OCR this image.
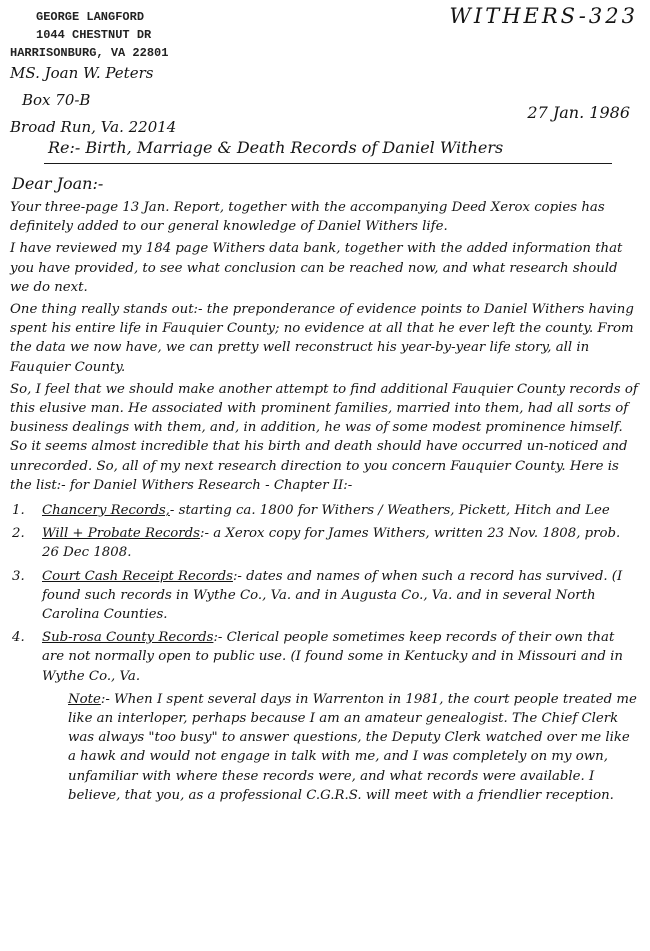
GEORGE LANGFORD
1044 CHESTNUT DR
HARRISONBURG, VA 22801
WITHERS-323
MS. Joan W. Peters
Box 70-B
Broad Run, Va. 22014
27 Jan. 1986
Re:- Birth, Marriage & Death Records of Daniel Withers
Dear Joan:-

Your three-page 13 Jan. Report, together with the accompanying Deed Xerox copies has definitely added to our general knowledge of Daniel Withers life.

I have reviewed my 184 page Withers data bank, together with the added information that you have provided, to see what conclusion can be reached now, and what research should we do next.

One thing really stands out:- the preponderance of evidence points to Daniel Withers having spent his entire life in Fauquier County; no evidence at all that he ever left the county. From the data we now have, we can pretty well reconstruct his year-by-year life story, all in Fauquier County.

So, I feel that we should make another attempt to find additional Fauquier County records of this elusive man. He associated with prominent families, married into them, had all sorts of business dealings with them, and, in addition, he was of some modest prominence himself. So it seems almost incredible that his birth and death should have occurred un-noticed and unrecorded. So, all of my next research direction to you concern Fauquier County. Here is the list:- for Daniel Withers Research - Chapter II:-

1.	Chancery Records,- starting ca. 1800 for Withers / Weathers, Pickett, Hitch and Lee
2.	Will + Probate Records:- a Xerox copy for James Withers, written 23 Nov. 1808, prob. 26 Dec 1808.
3.	Court Cash Receipt Records:- dates and names of when such a record has survived. (I found such records in Wythe Co., Va. and in Augusta Co., Va. and in several North Carolina Counties.
4.	Sub-rosa County Records:- Clerical people sometimes keep records of their own that are not normally open to public use. (I found some in Kentucky and in Missouri and in Wythe Co., Va.
Note:- When I spent several days in Warrenton in 1981, the court people treated me like an interloper, perhaps because I am an amateur genealogist. The Chief Clerk was always "too busy" to answer questions, the Deputy Clerk watched over me like a hawk and would not engage in talk with me, and I was completely on my own, unfamiliar with where these records were, and what records were available. I believe, that you, as a professional C.G.R.S. will meet with a friendlier reception.
